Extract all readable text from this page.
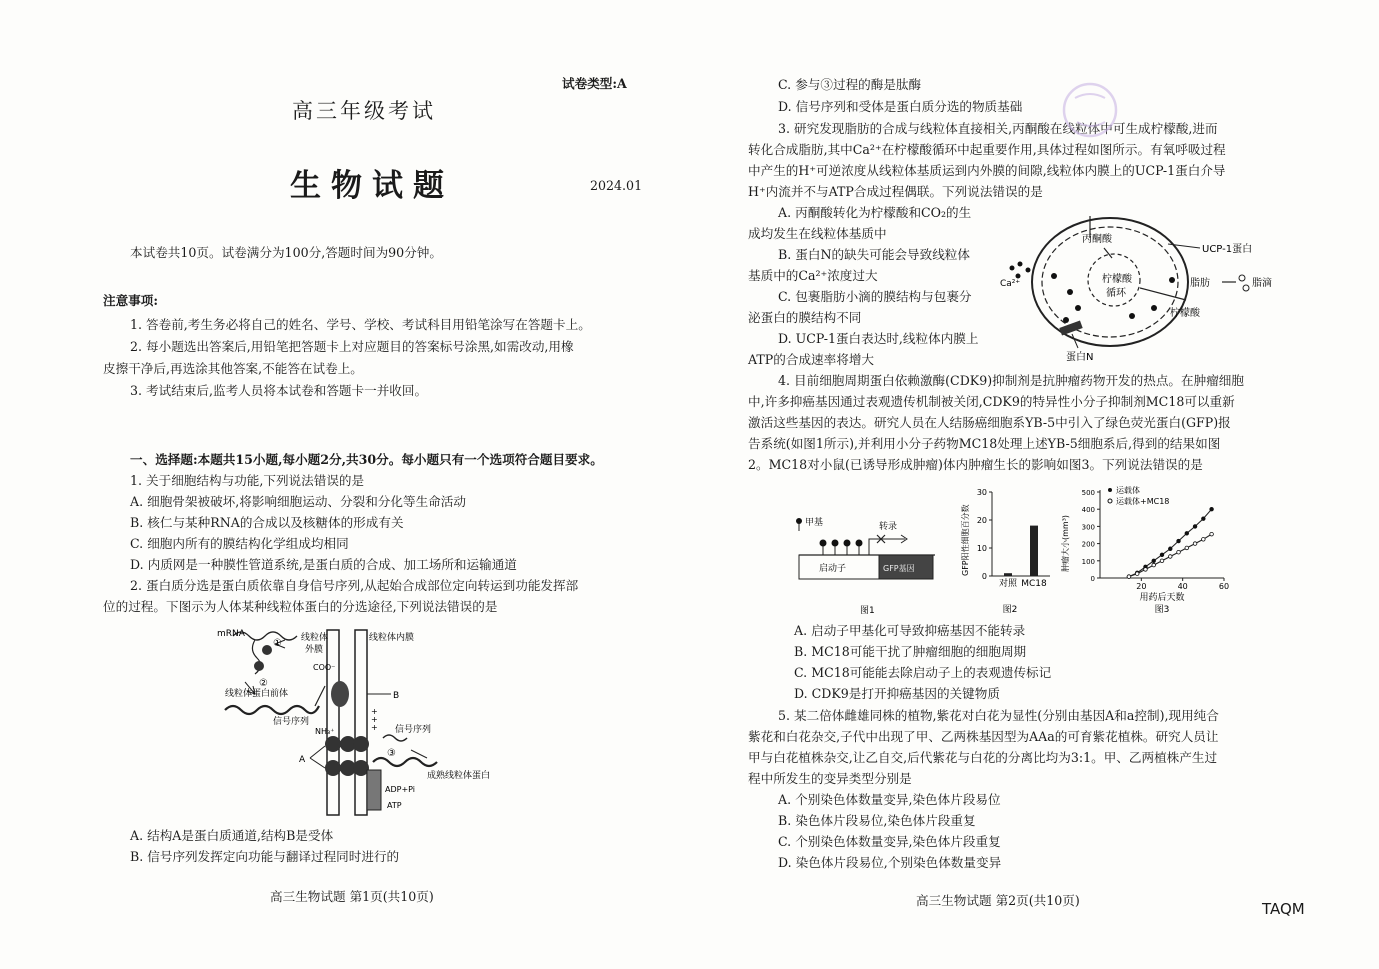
试卷类型:A
高三年级考试
生物试题	2024.01
本试卷共10页。试卷满分为100分,答题时间为90分钟。
注意事项:
1. 答卷前,考生务必将自己的姓名、学号、学校、考试科目用铅笔涂写在答题卡上。
2. 每小题选出答案后,用铅笔把答题卡上对应题目的答案标号涂黑,如需改动,用橡
皮擦干净后,再选涂其他答案,不能答在试卷上。
3. 考试结束后,监考人员将本试卷和答题卡一并收回。
一、选择题:本题共15小题,每小题2分,共30分。每小题只有一个选项符合题目要求。
1. 关于细胞结构与功能,下列说法错误的是
A. 细胞骨架被破坏,将影响细胞运动、分裂和分化等生命活动
B. 核仁与某种RNA的合成以及核糖体的形成有关
C. 细胞内所有的膜结构化学组成均相同
D. 内质网是一种膜性管道系统,是蛋白质的合成、加工场所和运输通道
2. 蛋白质分选是蛋白质依靠自身信号序列,从起始合成部位定向转运到功能发挥部
位的过程。下图示为人体某种线粒体蛋白的分选途径,下列说法错误的是
+
+
+
mRNA
①
②
③
线粒体
外膜
线粒体内膜
COO⁻
B
线粒体蛋白前体
信号序列
NH₃⁺	信号序列
A
成熟线粒体蛋白
ADP+Pi
ATP
A. 结构A是蛋白质通道,结构B是受体
B. 信号序列发挥定向功能与翻译过程同时进行的
高三生物试题 第1页(共10页)
C. 参与③过程的酶是肽酶
D. 信号序列和受体是蛋白质分选的物质基础
3. 研究发现脂肪的合成与线粒体直接相关,丙酮酸在线粒体中可生成柠檬酸,进而
转化合成脂肪,其中Ca²⁺在柠檬酸循环中起重要作用,具体过程如图所示。有氧呼吸过程
中产生的H⁺可逆浓度从线粒体基质运到内外膜的间隙,线粒体内膜上的UCP-1蛋白介导
H⁺内流并不与ATP合成过程偶联。下列说法错误的是
A. 丙酮酸转化为柠檬酸和CO₂的生
成均发生在线粒体基质中
B. 蛋白N的缺失可能会导致线粒体
基质中的Ca²⁺浓度过大
C. 包裹脂肪小滴的膜结构与包裹分
泌蛋白的膜结构不同
D. UCP-1蛋白表达时,线粒体内膜上
ATP的合成速率将增大
丙酮酸
UCP-1蛋白
Ca²⁺	柠檬酸
循环
脂肪	脂滴
柠檬酸
蛋白N
4. 目前细胞周期蛋白依赖激酶(CDK9)抑制剂是抗肿瘤药物开发的热点。在肿瘤细胞
中,许多抑癌基因通过表观遗传机制被关闭,CDK9的特异性小分子抑制剂MC18可以重新
激活这些基因的表达。研究人员在人结肠癌细胞系YB-5中引入了绿色荧光蛋白(GFP)报
告系统(如图1所示),并利用小分子药物MC18处理上述YB-5细胞系后,得到的结果如图
2。MC18对小鼠(已诱导形成肿瘤)体内肿瘤生长的影响如图3。下列说法错误的是
甲基	转录
启动子	GFP基因
图1
GFP阳性细胞百分数
0
10
20
30
对照 MC18
图2
肿瘤大小(mm³)
0
100
200
300
400
500
20	40	60
运载体
运载体+MC18
用药后天数
图3
A. 启动子甲基化可导致抑癌基因不能转录
B. MC18可能干扰了肿瘤细胞的细胞周期
C. MC18可能能去除启动子上的表观遗传标记
D. CDK9是打开抑癌基因的关键物质
5. 某二倍体雌雄同株的植物,紫花对白花为显性(分别由基因A和a控制),现用纯合
紫花和白花杂交,子代中出现了甲、乙两株基因型为AAa的可育紫花植株。研究人员让
甲与白花植株杂交,让乙自交,后代紫花与白花的分离比均为3:1。甲、乙两植株产生过
程中所发生的变异类型分别是
A. 个别染色体数量变异,染色体片段易位
B. 染色体片段易位,染色体片段重复
C. 个别染色体数量变异,染色体片段重复
D. 染色体片段易位,个别染色体数量变异
高三生物试题 第2页(共10页)	TAQM
